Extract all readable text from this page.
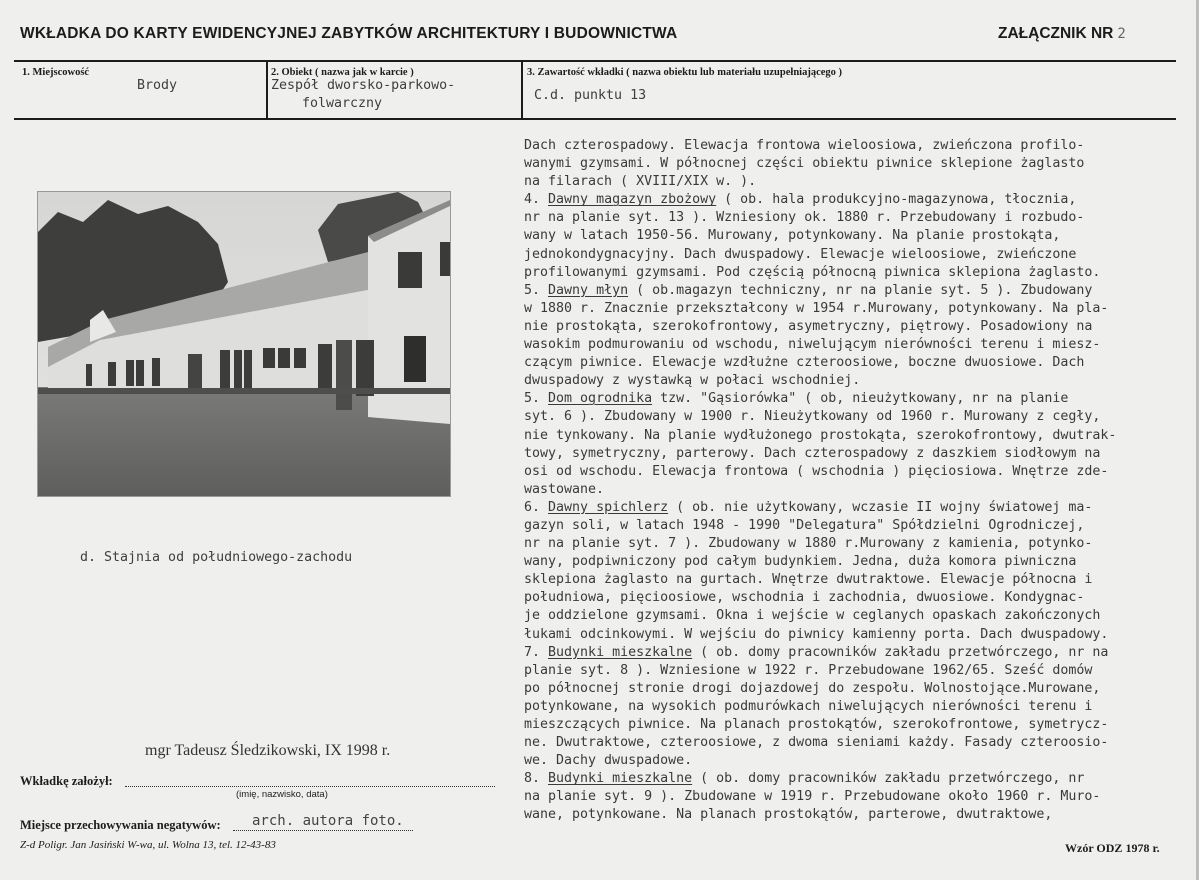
WKŁADKA DO KARTY EWIDENCYJNEJ ZABYTKÓW ARCHITEKTURY I BUDOWNICTWA	ZAŁĄCZNIK NR 2
1. Miejscowość
Brody
2. Obiekt ( nazwa jak w karcie )
Zespół dworsko-parkowo-
folwarczny
3. Zawartość wkładki ( nazwa obiektu lub materiału uzupełniającego )
C.d. punktu 13
d. Stajnia od południowego-zachodu
mgr Tadeusz Śledzikowski, IX 1998 r.
Dach czterospadowy. Elewacja frontowa wieloosiowa, zwieńczona profilo-
wanymi gzymsami. W północnej części obiektu piwnice sklepione żaglasto
na filarach ( XVIII/XIX w. ).
4. Dawny magazyn zbożowy ( ob. hala produkcyjno-magazynowa, tłocznia,
nr na planie syt. 13 ). Wzniesiony ok. 1880 r. Przebudowany i rozbudo-
wany w latach 1950-56. Murowany, potynkowany. Na planie prostokąta,
jednokondygnacyjny. Dach dwuspadowy. Elewacje wieloosiowe, zwieńczone
profilowanymi gzymsami. Pod częścią północną piwnica sklepiona żaglasto.
5. Dawny młyn ( ob.magazyn techniczny, nr na planie syt. 5 ). Zbudowany
w 1880 r. Znacznie przekształcony w 1954 r.Murowany, potynkowany. Na pla-
nie prostokąta, szerokofrontowy, asymetryczny, piętrowy. Posadowiony na
wasokim podmurowaniu od wschodu, niwelującym nierówności terenu i miesz-
czącym piwnice. Elewacje wzdłużne czteroosiowe, boczne dwuosiowe. Dach
dwuspadowy z wystawką w połaci wschodniej.
5. Dom ogrodnika tzw. "Gąsiorówka" ( ob, nieużytkowany, nr na planie
syt. 6 ). Zbudowany w 1900 r. Nieużytkowany od 1960 r. Murowany z cegły,
nie tynkowany. Na planie wydłużonego prostokąta, szerokofrontowy, dwutrak-
towy, symetryczny, parterowy. Dach czterospadowy z daszkiem siodłowym na
osi od wschodu. Elewacja frontowa ( wschodnia ) pięciosiowa. Wnętrze zde-
wastowane.
6. Dawny spichlerz ( ob. nie użytkowany, wczasie II wojny światowej ma-
gazyn soli, w latach 1948 - 1990 "Delegatura" Spółdzielni Ogrodniczej,
nr na planie syt. 7 ). Zbudowany w 1880 r.Murowany z kamienia, potynko-
wany, podpiwniczony pod całym budynkiem. Jedna, duża komora piwniczna
sklepiona żaglasto na gurtach. Wnętrze dwutraktowe. Elewacje północna i
południowa, pięcioosiowe, wschodnia i zachodnia, dwuosiowe. Kondygnac-
je oddzielone gzymsami. Okna i wejście w ceglanych opaskach zakończonych
łukami odcinkowymi. W wejściu do piwnicy kamienny porta. Dach dwuspadowy.
7. Budynki mieszkalne ( ob. domy pracowników zakładu przetwórczego, nr na
planie syt. 8 ). Wzniesione w 1922 r. Przebudowane 1962/65. Sześć domów
po północnej stronie drogi dojazdowej do zespołu. Wolnostojące.Murowane,
potynkowane, na wysokich podmurówkach niwelujących nierówności terenu i
mieszczących piwnice. Na planach prostokątów, szerokofrontowe, symetrycz-
ne. Dwutraktowe, czteroosiowe, z dwoma sieniami każdy. Fasady czteroosio-
we. Dachy dwuspadowe.
8. Budynki mieszkalne ( ob. domy pracowników zakładu przetwórczego, nr
na planie syt. 9 ). Zbudowane w 1919 r. Przebudowane około 1960 r. Muro-
wane, potynkowane. Na planach prostokątów, parterowe, dwutraktowe,
Wkładkę założył:
(imię, nazwisko, data)
Miejsce przechowywania negatywów: arch. autora foto.
Z-d Poligr. Jan Jasiński W-wa, ul. Wolna 13, tel. 12-43-83	Wzór ODZ 1978 r.
